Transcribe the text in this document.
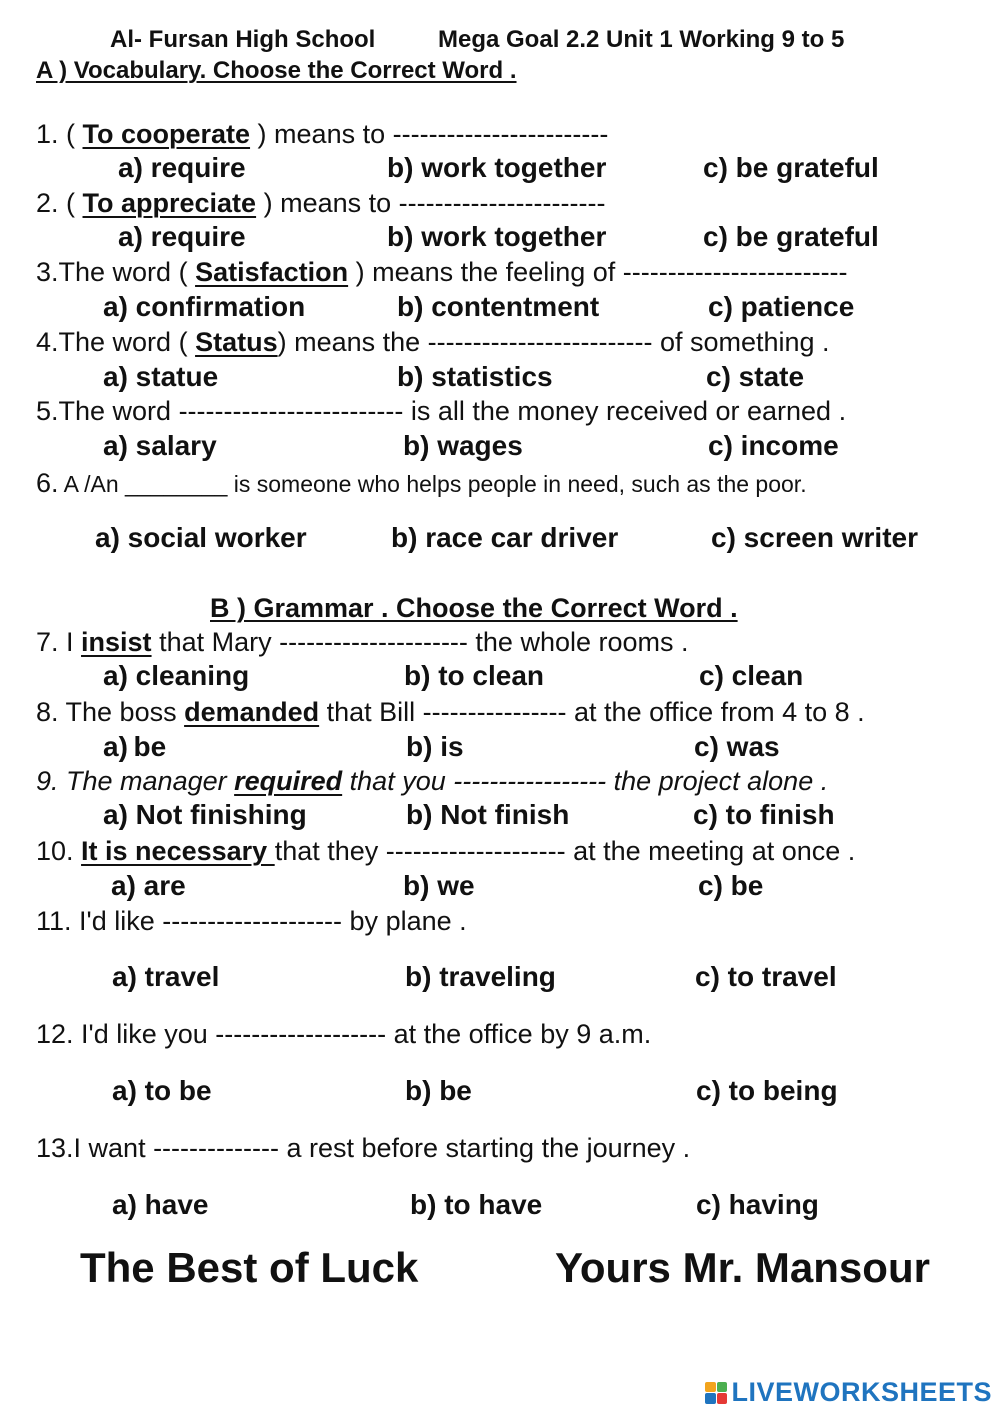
Al- Fursan High School	Mega Goal 2.2 Unit 1 Working 9 to 5
A ) Vocabulary. Choose the Correct Word .
1. ( To cooperate ) means to ------------------------
a) require	b) work together	c) be grateful
2. ( To appreciate ) means to -----------------------
a) require	b) work together	c) be grateful
3.The word ( Satisfaction ) means the feeling of -------------------------
a) confirmation	b) contentment	c) patience
4.The word ( Status) means the ------------------------- of something .
a) statue	b) statistics	c) state
5.The word ------------------------- is all the money received or earned .
a) salary	b) wages	c) income
6. A /An ________ is someone who helps people in need, such as the poor.
a) social worker	b) race car driver	c) screen writer
B ) Grammar . Choose the Correct Word .
7. I insist that Mary --------------------- the whole rooms .
a) cleaning	b) to clean	c) clean
8. The boss demanded that Bill ---------------- at the office from 4 to 8 .
a) be	b) is	c) was
9. The manager required that you ----------------- the project alone .
a) Not finishing	b) Not finish	c) to finish
10. It is necessary that they -------------------- at the meeting at once .
a) are	b) we	c) be
11. I'd like -------------------- by plane .
a) travel	b) traveling	c) to travel
12. I'd like you ------------------- at the office by 9 a.m.
a) to be	b) be	c) to being
13.I want -------------- a rest before starting the journey .
a) have	b) to have	c) having
The Best of Luck	Yours Mr. Mansour
LIVEWORKSHEETS
